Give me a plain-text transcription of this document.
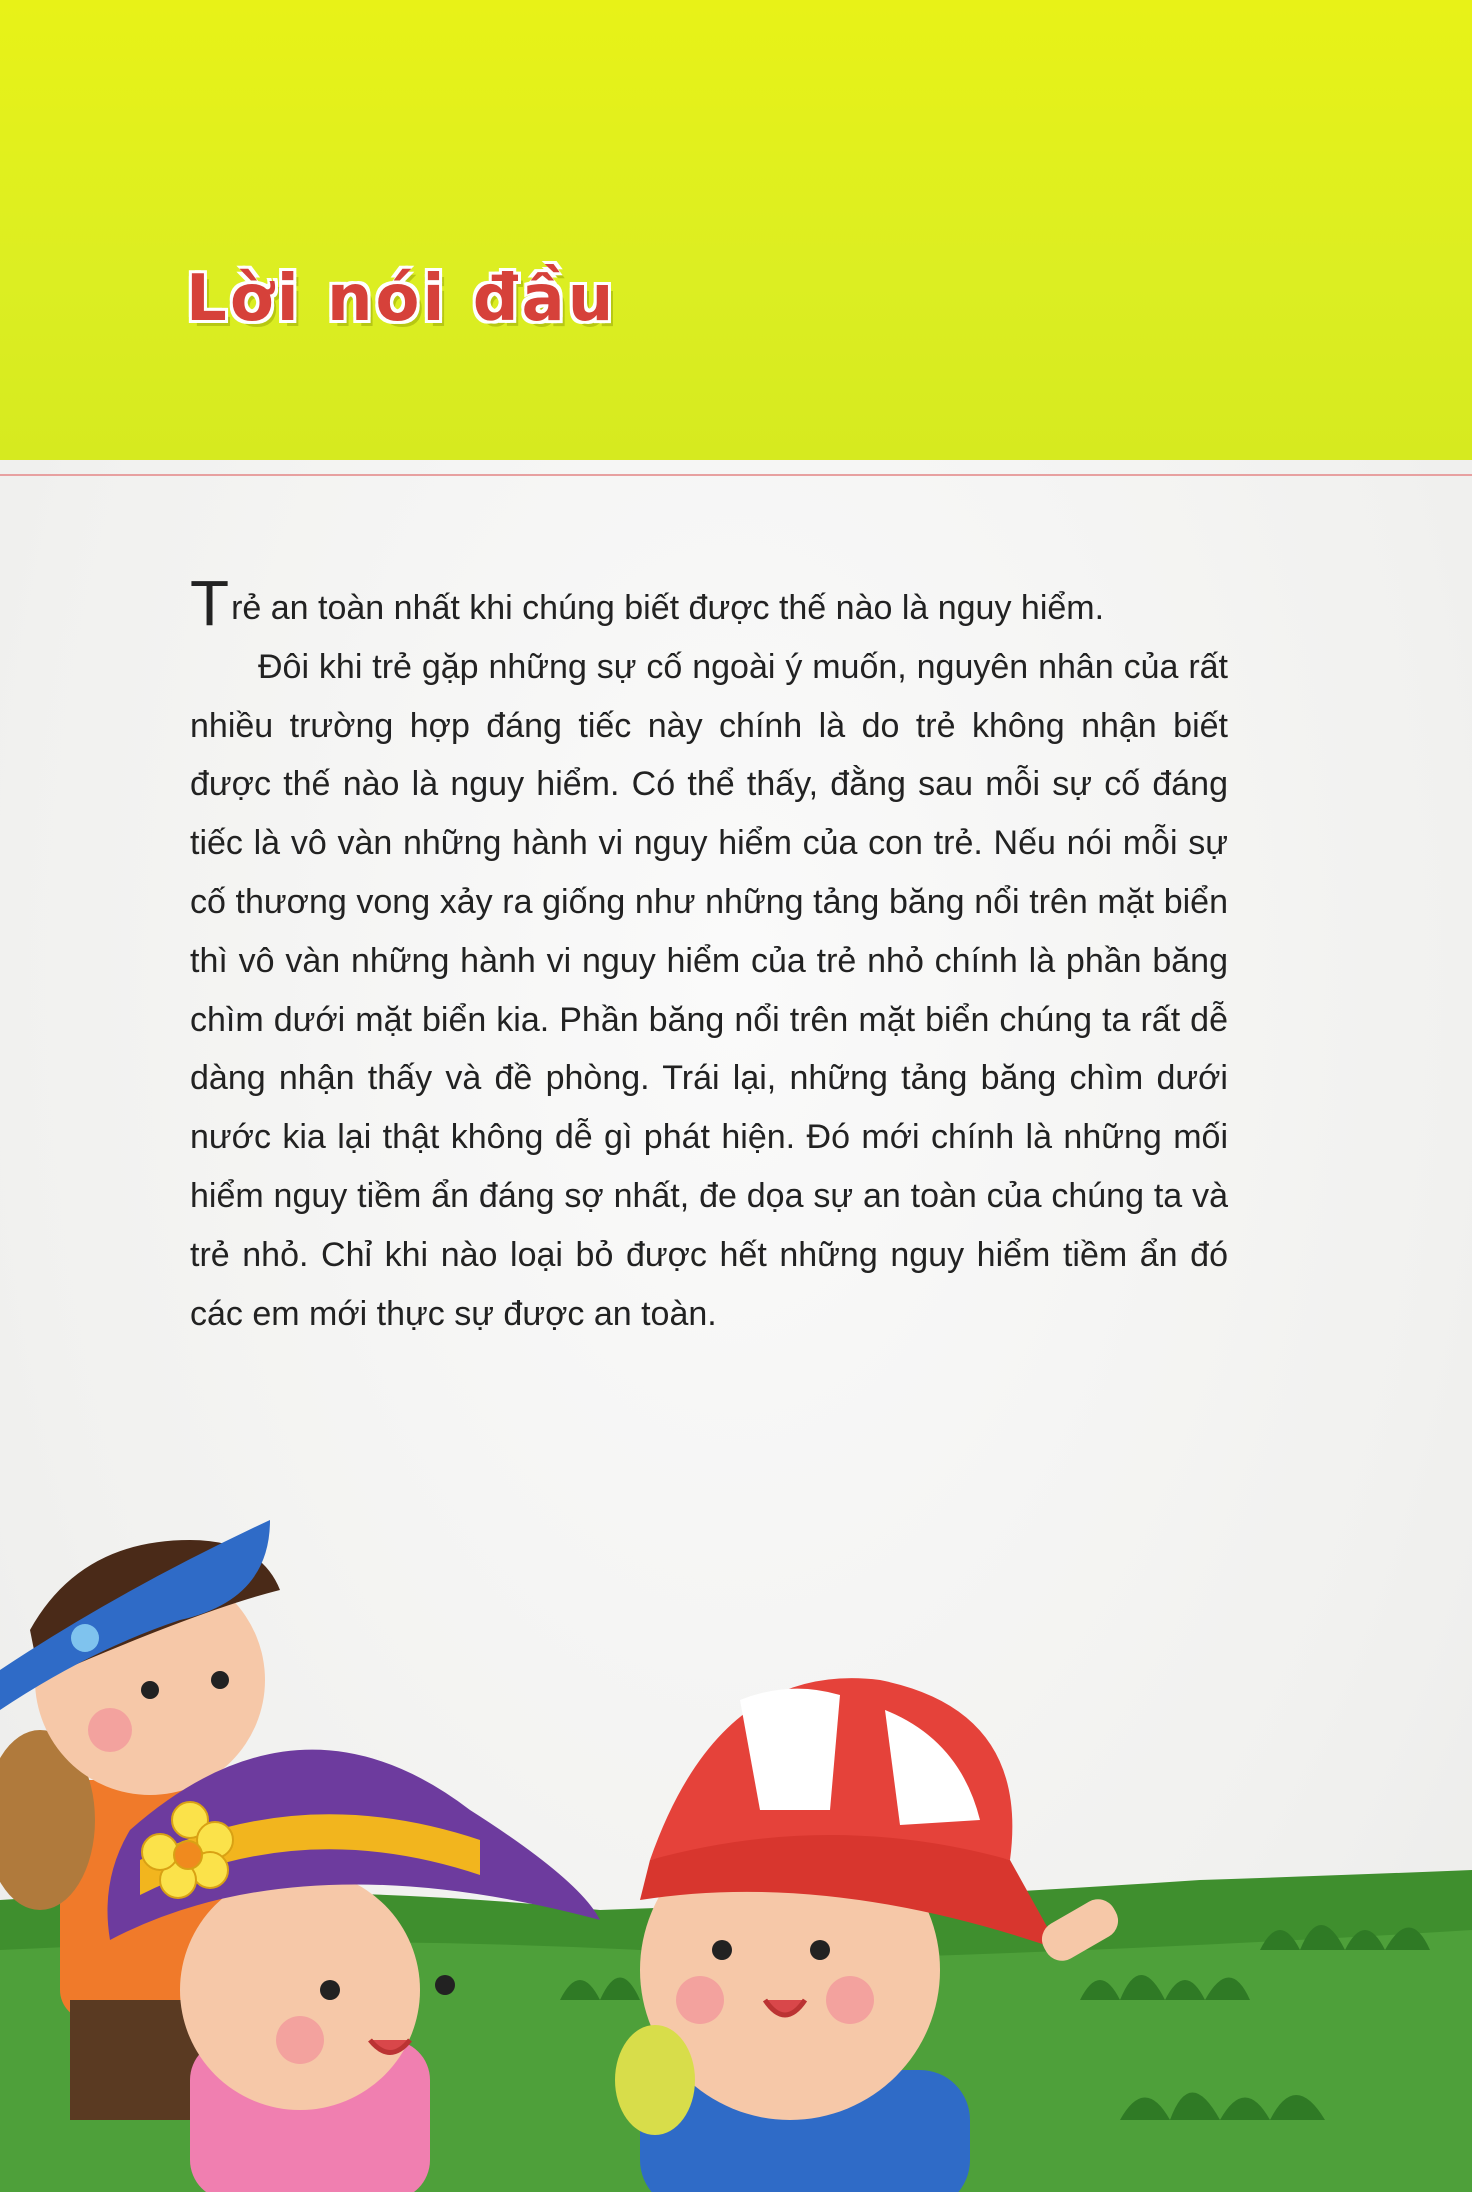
Lời nói đầu

Trẻ an toàn nhất khi chúng biết được thế nào là nguy hiểm.

Đôi khi trẻ gặp những sự cố ngoài ý muốn, nguyên nhân của rất nhiều trường hợp đáng tiếc này chính là do trẻ không nhận biết được thế nào là nguy hiểm. Có thể thấy, đằng sau mỗi sự cố đáng tiếc là vô vàn những hành vi nguy hiểm của con trẻ. Nếu nói mỗi sự cố thương vong xảy ra giống như những tảng băng nổi trên mặt biển thì vô vàn những hành vi nguy hiểm của trẻ nhỏ chính là phần băng chìm dưới mặt biển kia. Phần băng nổi trên mặt biển chúng ta rất dễ dàng nhận thấy và đề phòng. Trái lại, những tảng băng chìm dưới nước kia lại thật không dễ gì phát hiện. Đó mới chính là những mối hiểm nguy tiềm ẩn đáng sợ nhất, đe dọa sự an toàn của chúng ta và trẻ nhỏ. Chỉ khi nào loại bỏ được hết những nguy hiểm tiềm ẩn đó các em mới thực sự được an toàn.
